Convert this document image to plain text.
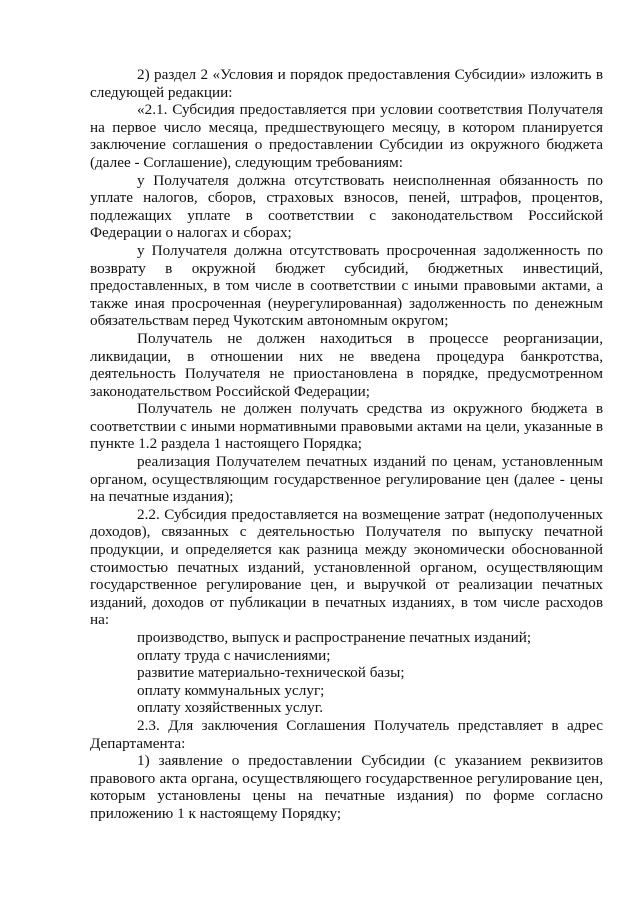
2) раздел 2 «Условия и порядок предоставления Субсидии» изложить в следующей редакции:

«2.1. Субсидия предоставляется при условии соответствия Получателя на первое число месяца, предшествующего месяцу, в котором планируется заключение соглашения о предоставлении Субсидии из окружного бюджета (далее - Соглашение), следующим требованиям:

у Получателя должна отсутствовать неисполненная обязанность по уплате налогов, сборов, страховых взносов, пеней, штрафов, процентов, подлежащих уплате в соответствии с законодательством Российской Федерации о налогах и сборах;

у Получателя должна отсутствовать просроченная задолженность по возврату в окружной бюджет субсидий, бюджетных инвестиций, предоставленных, в том числе в соответствии с иными правовыми актами, а также иная просроченная (неурегулированная) задолженность по денежным обязательствам перед Чукотским автономным округом;

Получатель не должен находиться в процессе реорганизации, ликвидации, в отношении них не введена процедура банкротства, деятельность Получателя не приостановлена в порядке, предусмотренном законодательством Российской Федерации;

Получатель не должен получать средства из окружного бюджета в соответствии с иными нормативными правовыми актами на цели, указанные в пункте 1.2 раздела 1 настоящего Порядка;

реализация Получателем печатных изданий по ценам, установленным органом, осуществляющим государственное регулирование цен (далее - цены на печатные издания);

2.2. Субсидия предоставляется на возмещение затрат (недополученных доходов), связанных с деятельностью Получателя по выпуску печатной продукции, и определяется как разница между экономически обоснованной стоимостью печатных изданий, установленной органом, осуществляющим государственное регулирование цен, и выручкой от реализации печатных изданий, доходов от публикации в печатных изданиях, в том числе расходов на:

производство, выпуск и распространение печатных изданий;

оплату труда с начислениями;

развитие материально-технической базы;

оплату коммунальных услуг;

оплату хозяйственных услуг.

2.3. Для заключения Соглашения Получатель представляет в адрес Департамента:

1) заявление о предоставлении Субсидии (с указанием реквизитов правового акта органа, осуществляющего государственное регулирование цен, которым установлены цены на печатные издания) по форме согласно приложению 1 к настоящему Порядку;
